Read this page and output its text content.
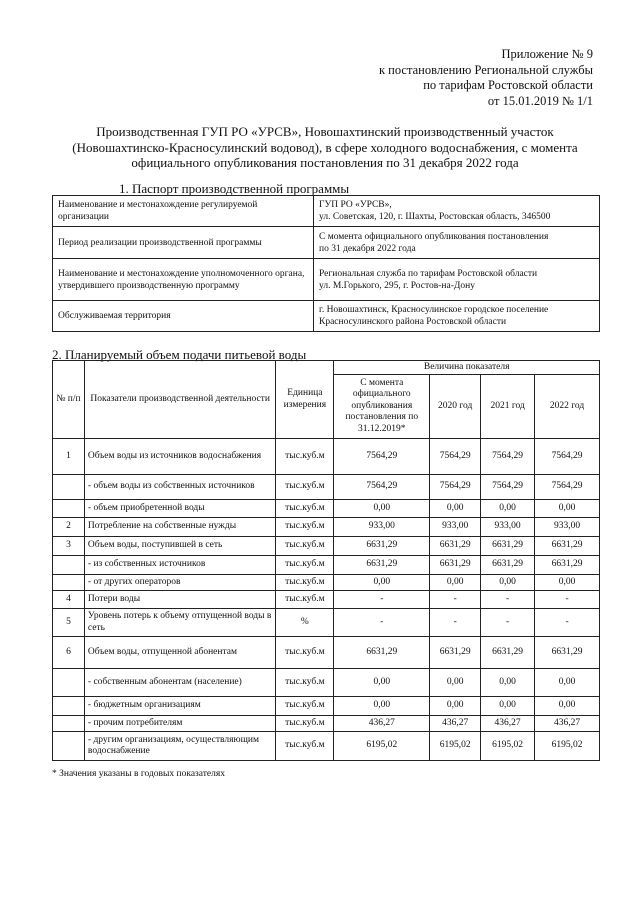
Приложение № 9
к постановлению Региональной службы
по тарифам Ростовской области
от 15.01.2019 № 1/1
Производственная ГУП РО «УРСВ», Новошахтинский производственный участок
(Новошахтинско-Красносулинский водовод), в сфере холодного водоснабжения, с момента
официального опубликования постановления по 31 декабря 2022 года
1. Паспорт производственной программы
Наименование и местонахождение регулируемой организации	ГУП РО «УРСВ»,
ул. Советская, 120, г. Шахты, Ростовская область, 346500

Период реализации производственной программы	С момента официального опубликования постановления
по 31 декабря 2022 года

Наименование и местонахождение уполномоченного органа, утвердившего производственную программу	Региональная служба по тарифам Ростовской области
ул. М.Горького, 295, г. Ростов-на-Дону

Обслуживаемая территория	г. Новошахтинск, Красносулинское городское поселение
Красносулинского района Ростовской области
2. Планируемый объем подачи питьевой воды
№ п/п	Показатели производственной деятельности	Единица измерения	Величина показателя			
			С момента официального опубликования постановления по 31.12.2019*	2020 год	2021 год	2022 год
1	Объем воды из источников водоснабжения	тыс.куб.м	7564,29	7564,29	7564,29	7564,29
	- объем воды из собственных источников	тыс.куб.м	7564,29	7564,29	7564,29	7564,29
	- объем приобретенной воды	тыс.куб.м	0,00	0,00	0,00	0,00
2	Потребление на собственные нужды	тыс.куб.м	933,00	933,00	933,00	933,00
3	Объем воды, поступившей в сеть	тыс.куб.м	6631,29	6631,29	6631,29	6631,29
	- из собственных источников	тыс.куб.м	6631,29	6631,29	6631,29	6631,29
	- от других операторов	тыс.куб.м	0,00	0,00	0,00	0,00
4	Потери воды	тыс.куб.м	-	-	-	-
5	Уровень потерь к объему отпущенной воды в сеть	%	-	-	-	-
6	Объем воды, отпущенной абонентам	тыс.куб.м	6631,29	6631,29	6631,29	6631,29
	- собственным абонентам (население)	тыс.куб.м	0,00	0,00	0,00	0,00
	- бюджетным организациям	тыс.куб.м	0,00	0,00	0,00	0,00
	- прочим потребителям	тыс.куб.м	436,27	436,27	436,27	436,27
	- другим организациям, осуществляющим водоснабжение	тыс.куб.м	6195,02	6195,02	6195,02	6195,02
* Значения указаны в годовых показателях
